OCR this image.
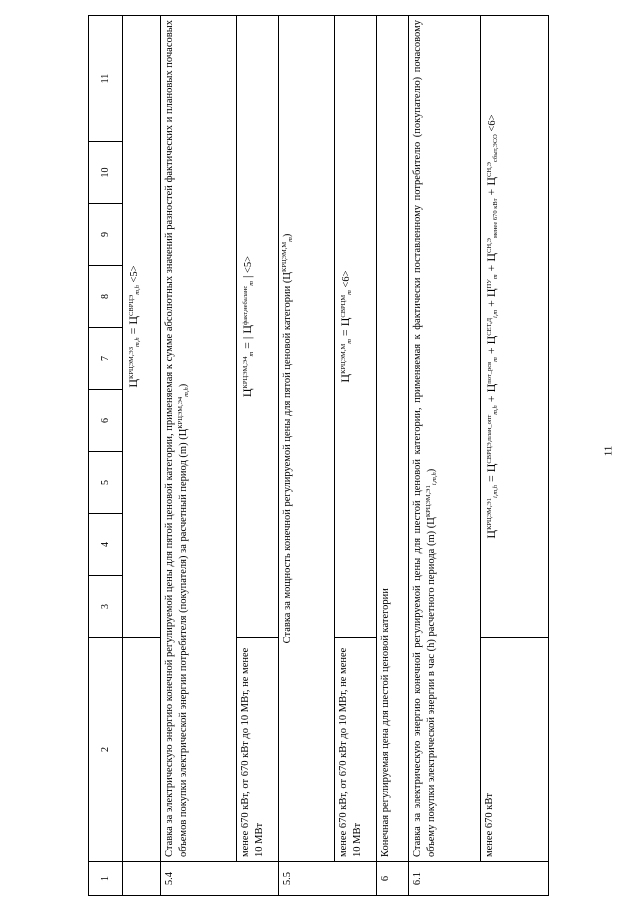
1	2	3	4	5	6	7	8	9	10	11
		$Ц^{КРЦЭМ,ЭЗ}_{m,h} = Ц^{СВРЦЭ}_{m,h} <5>$								
5.4	Ставка за электрическую энергию конечной регулируемой цены для пятой ценовой категории, применяемая к сумме абсолютных значений разностей фактических и плановых почасовых объемов покупки электрической энергии потребителя (покупателя) за расчетный период (m) $(Ц^{КРЦЭМ,Э4}_{m,h})$									
	менее 670 кВт, от 670 кВт до 10 МВт, не менее 10 МВт	$Ц^{КРЦЭМ,Э4}_m$ = | $Ц^{факт,небаланс}_m$ | <5>								
5.5	Ставка за мощность конечной регулируемой цены для пятой ценовой категории $(Ц^{КРЦЭМ,М}_m)$									
	менее 670 кВт, от 670 кВт до 10 МВт, не менее 10 МВт	$Ц^{КРЦЭМ,М}_m = Ц^{СВРЦМ}_m <6>$								
6	Конечная регулируемая цена для шестой ценовой категории									
6.1	Ставка за электрическую энергию конечной регулируемой цены для шестой ценовой категории, применяемая к фактически поставленному потребителю (покупателю) почасовому объему покупки электрической энергии в час (h) расчетного периода (m) $(Ц^{КРЦЭМ,Э1}_{i,m,h})$									
	менее 670 кВт	$Ц^{КРЦЭМ,Э1}_{i,m,h} = Ц^{СВРЦЭ,план\_опт}_{m,h} + Ц^{пот\_рсв}_m + Ц^{СЕТ,Д}_{i,m} + Ц^{ПУ}_m + Ц^{СН,Э}_{менее 670 кВт} + Ц^{СН,Э}_{сбыт,ЭСО} <6>$								
11
